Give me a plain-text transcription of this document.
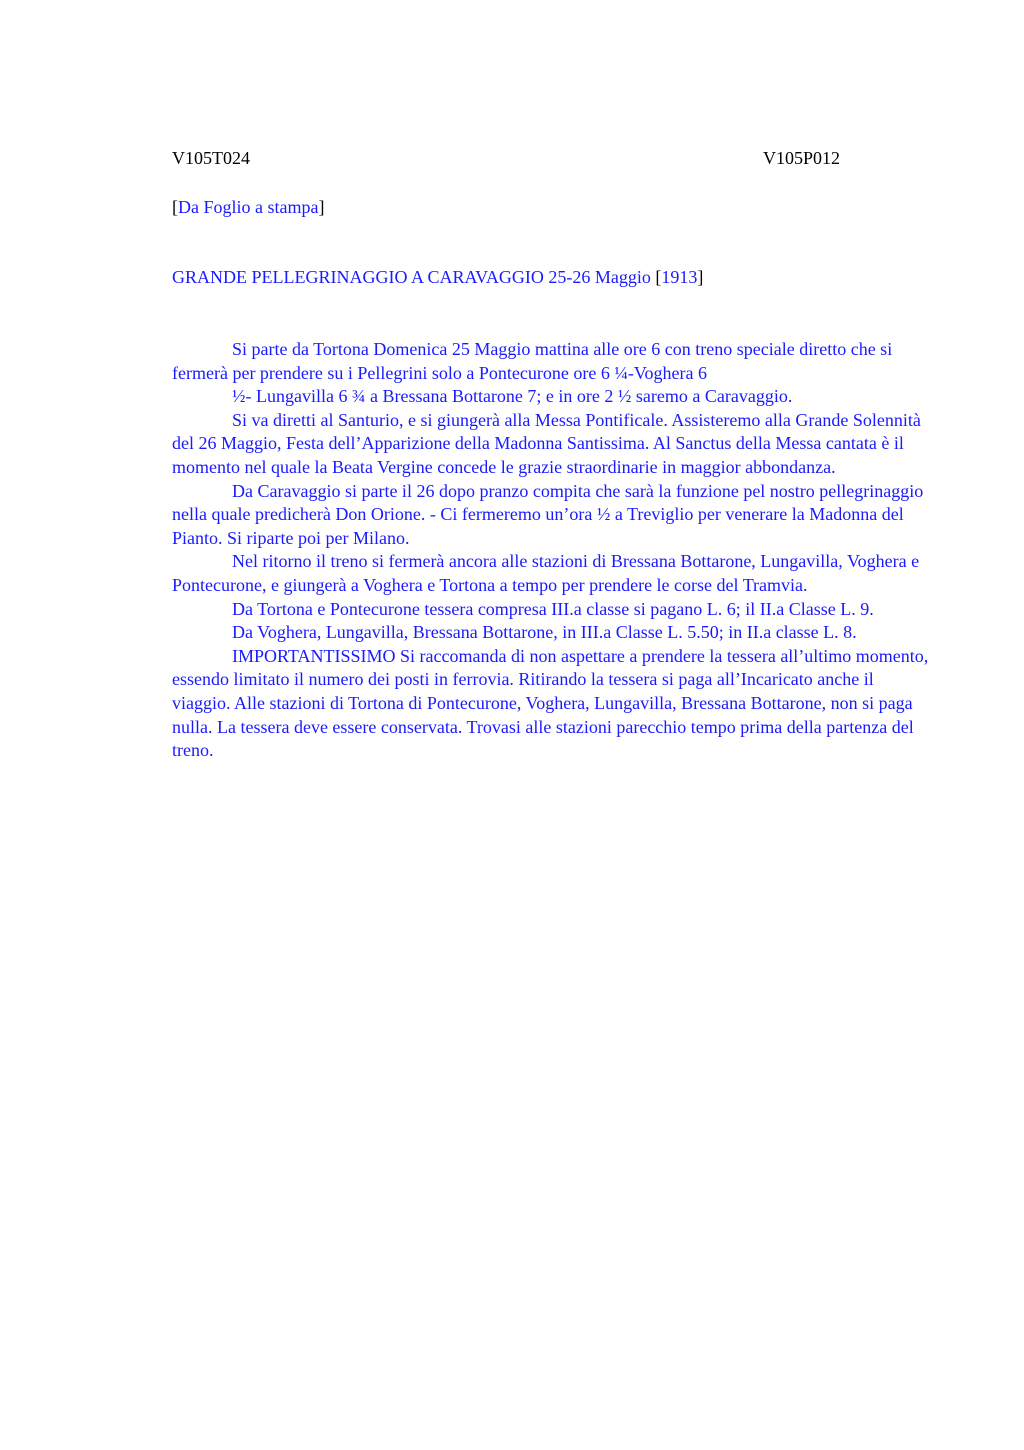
V105T024	V105P012
[Da Foglio a stampa]
GRANDE PELLEGRINAGGIO A CARAVAGGIO 25-26 Maggio [1913]

Si parte da Tortona Domenica 25 Maggio mattina alle ore 6 con treno speciale diretto che si fermerà per prendere su i Pellegrini solo a Pontecurone ore 6 ¼-Voghera 6
½- Lungavilla 6 ¾ a Bressana Bottarone 7; e in ore 2 ½ saremo a Caravaggio.

Si va diretti al Santurio, e si giungerà alla Messa Pontificale. Assisteremo alla Grande Solennità del 26 Maggio, Festa dell’Apparizione della Madonna Santissima. Al Sanctus della Messa cantata è il momento nel quale la Beata Vergine concede le grazie straordinarie in maggior abbondanza.

Da Caravaggio si parte il 26 dopo pranzo compita che sarà la funzione pel nostro pellegrinaggio nella quale predicherà Don Orione. - Ci fermeremo un’ora ½ a Treviglio per venerare la Madonna del Pianto. Si riparte poi per Milano.

Nel ritorno il treno si fermerà ancora alle stazioni di Bressana Bottarone, Lungavilla, Voghera e Pontecurone, e giungerà a Voghera e Tortona a tempo per prendere le corse del Tramvia.

Da Tortona e Pontecurone tessera compresa III.a classe si pagano L. 6; il II.a Classe L. 9.

Da Voghera, Lungavilla, Bressana Bottarone, in III.a Classe L. 5.50; in II.a classe L. 8.

IMPORTANTISSIMO Si raccomanda di non aspettare a prendere la tessera all’ultimo momento, essendo limitato il numero dei posti in ferrovia. Ritirando la tessera si paga all’Incaricato anche il viaggio. Alle stazioni di Tortona di Pontecurone, Voghera, Lungavilla, Bressana Bottarone, non si paga nulla. La tessera deve essere conservata. Trovasi alle stazioni parecchio tempo prima della partenza del treno.
